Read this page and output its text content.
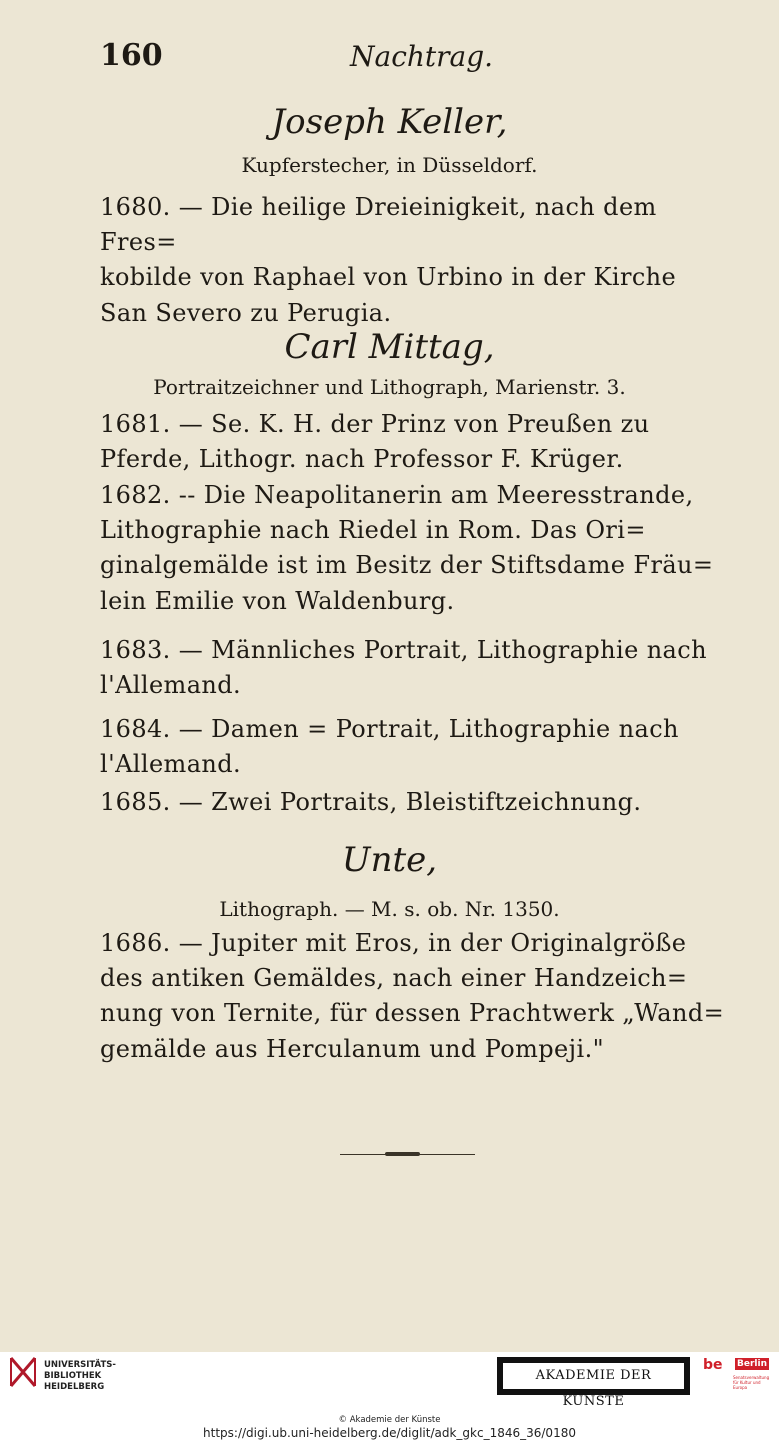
160	Nachtrag.
Joseph Keller,
Kupferstecher, in Düsseldorf.
1680. — Die heilige Dreieinigkeit, nach dem Fres=
kobilde von Raphael von Urbino in der Kirche
San Severo zu Perugia.
Carl Mittag,
Portraitzeichner und Lithograph, Marienstr. 3.
1681. — Se. K. H. der Prinz von Preußen zu
Pferde, Lithogr. nach Professor F. Krüger.
1682. -- Die Neapolitanerin am Meeresstrande,
Lithographie nach Riedel in Rom. Das Ori=
ginalgemälde ist im Besitz der Stiftsdame Fräu=
lein Emilie von Waldenburg.
1683. — Männliches Portrait, Lithographie nach
l'Allemand.
1684. — Damen = Portrait, Lithographie nach
l'Allemand.
1685. — Zwei Portraits, Bleistiftzeichnung.
Unte,
Lithograph. — M. s. ob. Nr. 1350.
1686. — Jupiter mit Eros, in der Originalgröße
des antiken Gemäldes, nach einer Handzeich=
nung von Ternite, für dessen Prachtwerk „Wand=
gemälde aus Herculanum und Pompeji."
UNIVERSITÄTS-
BIBLIOTHEK
HEIDELBERG
AKADEMIE DER KÜNSTE
be Berlin
Senatsverwaltung für Kultur und Europa
© Akademie der Künste
https://digi.ub.uni-heidelberg.de/diglit/adk_gkc_1846_36/0180
